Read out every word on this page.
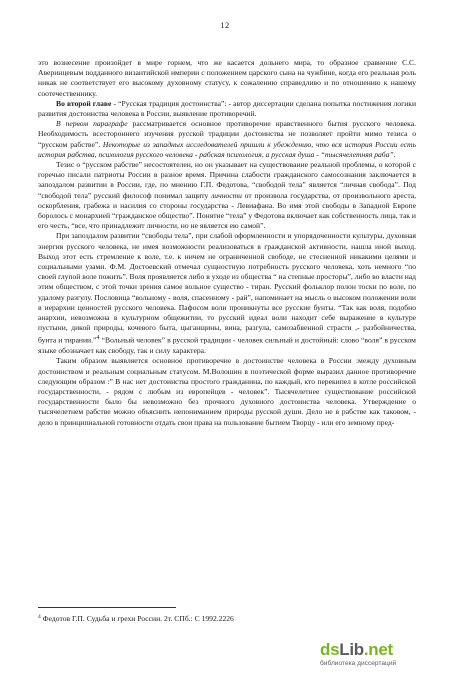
12

это вознесение произойдет в мире горнем, что же касается дольнего мира, то образное сравнение С.С. Аверинцевым подданного византийской империи с положением царского сына на чужбине, когда его реальная роль никак не соответствует его высокому духовному статусу, к сожалению справедливо и по отношению к нашему соотечественнику.

Во второй главе - “Русская традиция достоинства”: - автор диссертации сделана попытка постижения логики развития достоинства человека в России, выявление противоречий.

В первом параграфе рассматривается основное противоречие нравственного бытия русского человека. Необходимость всестороннего изучения русской традиции достоинства не позволяет пройти мимо тезиса о “русском рабстве”. Некоторые из западных исследователей пришли к убеждению, что вся история России есть история рабства, психология русского человека - рабская психология, а русская душа - “тысячелетняя раба”.

Тезис о “русском рабстве” несостоятелен, но он указывает на существование реальной проблемы, о которой с горечью писали патриоты России в разное время. Причина слабости гражданского самосознания заключается в запоздалом развитии в России, где, по мнению Г.П. Федотова, “свободой тела” является “личная свобода”. Под “свободой тела” русский философ понимал защиту личности от произвола государства, от произвольного ареста, оскорбления, грабежа и насилия со стороны государства - Левиафана. Во имя этой свободы в Западной Европе боролось с монархией “гражданское общество”. Понятие “тела” у Федотова включает как собственность лица, так и его честь, “все, что принадлежит личности, но не является ею самой”.

При запоздалом развитии “свободы тела”, при слабой оформленности и упорядоченности культуры, духовная энергия русского человека, не имея возможности реализоваться в гражданской активности, нашла иной выход. Выход этот есть стремление к воле, т.е. к ничем не ограниченной свободе, не стесненной никакими целями и социальными узами. Ф.М. Достоевский отмечал сущностную потребность русского человека, хоть немного “по своей глупой воле пожить”. Воля проявляется либо в уходе из общества “ на степные просторы”, либо во власти над этим обществом, с этой точки зрения самое вольное существо - тиран. Русский фольклор полон тоски по воле, по удалому разгулу. Пословица “вольному - воля, спасенному - рай”, напоминает на мысль о высоком положении воли в иерархии ценностей русского человека. Пафосом воли проникнуты все русские бунты. “Так как воля, подобно анархии, невозможна в культурном общежитии, то русский идеал воли находит себе выражение в культуре пустыни, дикой природы, кочевого быта, цыганщины, вина, разгула, самозабвенной страсти ,- разбойничества, бунта и тирании.”$^4$ “Вольный человек” в русской традиции - человек сильный и достойный: слово “воля” в русском языке обозначает как свободу, так и силу характера.

Таким образом выявляется основное противоречие в достоинстве человека в России :между духовным достоинством и реальным социальным статусом. М.Волошин в поэтической форме выразил данное противоречие следующим образом :” В нас нет достоинства простого гражданина, по каждый, кто перекипел в котле российской государственности, - рядом с любым из европейцев - человек”. Тысячелетнее существование российской государственности было бы невозможно без прочного духовного достоинства человека. Утверждение о тысячелетнем рабстве можно объяснить непониманием природы русской души. Дело не в рабстве как таковом, - дело в принципиальной готовности отдать свои права на пользование бытием Творцу - или его земному пред-

$^4$ Федотов Г.П. Судьба и грехи России. 2т. СПб.: С 1992.2226
dsLib.net
библиотека диссертаций
